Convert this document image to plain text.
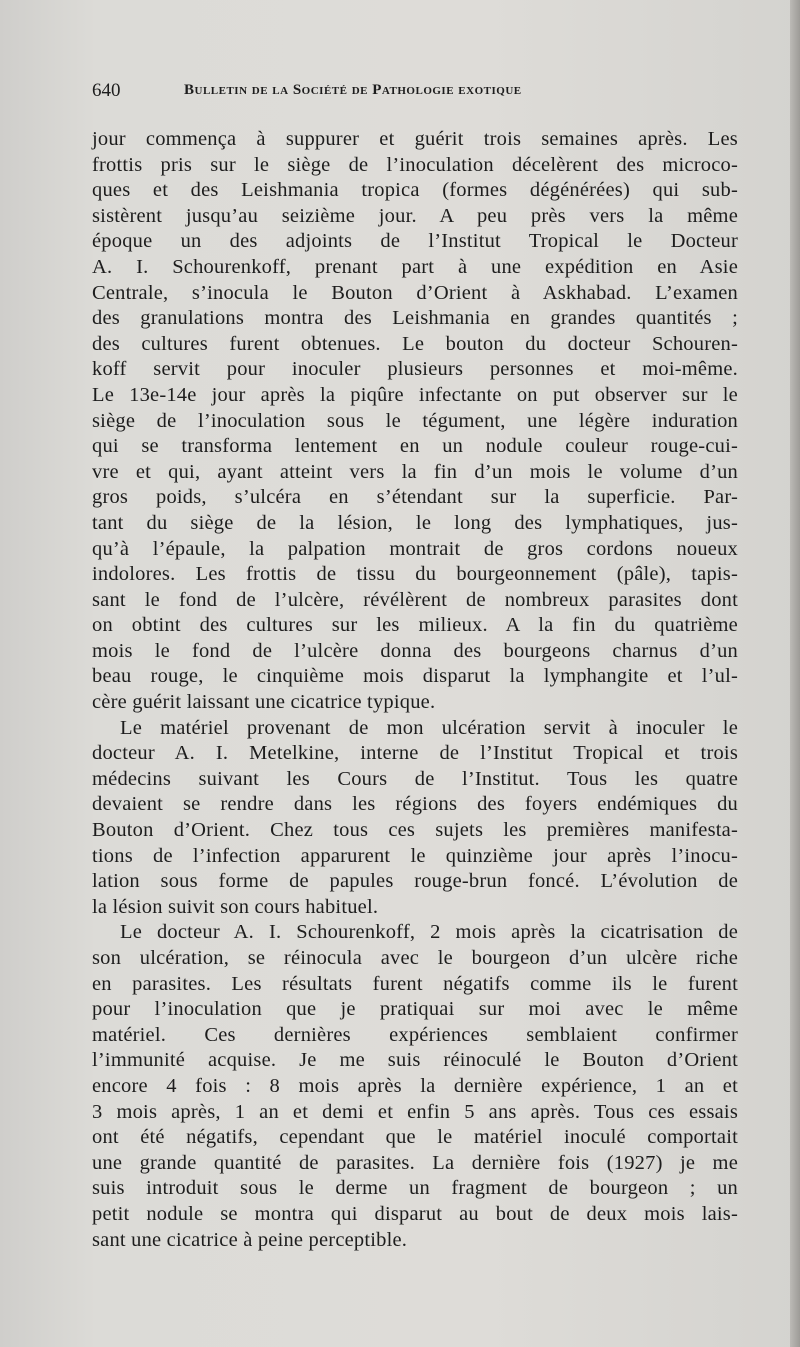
640	Bulletin de la Société de Pathologie exotique
jour commença à suppurer et guérit trois semaines après. Les
frottis pris sur le siège de l’inoculation décelèrent des microco-
ques et des Leishmania tropica (formes dégénérées) qui sub-
sistèrent jusqu’au seizième jour. A peu près vers la même
époque un des adjoints de l’Institut Tropical le Docteur
A. I. Schourenkoff, prenant part à une expédition en Asie
Centrale, s’inocula le Bouton d’Orient à Askhabad. L’examen
des granulations montra des Leishmania en grandes quantités ;
des cultures furent obtenues. Le bouton du docteur Schouren-
koff servit pour inoculer plusieurs personnes et moi-même.
Le 13e-14e jour après la piqûre infectante on put observer sur le
siège de l’inoculation sous le tégument, une légère induration
qui se transforma lentement en un nodule couleur rouge-cui-
vre et qui, ayant atteint vers la fin d’un mois le volume d’un
gros poids, s’ulcéra en s’étendant sur la superficie. Par-
tant du siège de la lésion, le long des lymphatiques, jus-
qu’à l’épaule, la palpation montrait de gros cordons noueux
indolores. Les frottis de tissu du bourgeonnement (pâle), tapis-
sant le fond de l’ulcère, révélèrent de nombreux parasites dont
on obtint des cultures sur les milieux. A la fin du quatrième
mois le fond de l’ulcère donna des bourgeons charnus d’un
beau rouge, le cinquième mois disparut la lymphangite et l’ul-
cère guérit laissant une cicatrice typique.
Le matériel provenant de mon ulcération servit à inoculer le
docteur A. I. Metelkine, interne de l’Institut Tropical et trois
médecins suivant les Cours de l’Institut. Tous les quatre
devaient se rendre dans les régions des foyers endémiques du
Bouton d’Orient. Chez tous ces sujets les premières manifesta-
tions de l’infection apparurent le quinzième jour après l’inocu-
lation sous forme de papules rouge-brun foncé. L’évolution de
la lésion suivit son cours habituel.
Le docteur A. I. Schourenkoff, 2 mois après la cicatrisation de
son ulcération, se réinocula avec le bourgeon d’un ulcère riche
en parasites. Les résultats furent négatifs comme ils le furent
pour l’inoculation que je pratiquai sur moi avec le même
matériel. Ces dernières expériences semblaient confirmer
l’immunité acquise. Je me suis réinoculé le Bouton d’Orient
encore 4 fois : 8 mois après la dernière expérience, 1 an et
3 mois après, 1 an et demi et enfin 5 ans après. Tous ces essais
ont été négatifs, cependant que le matériel inoculé comportait
une grande quantité de parasites. La dernière fois (1927) je me
suis introduit sous le derme un fragment de bourgeon ; un
petit nodule se montra qui disparut au bout de deux mois lais-
sant une cicatrice à peine perceptible.
